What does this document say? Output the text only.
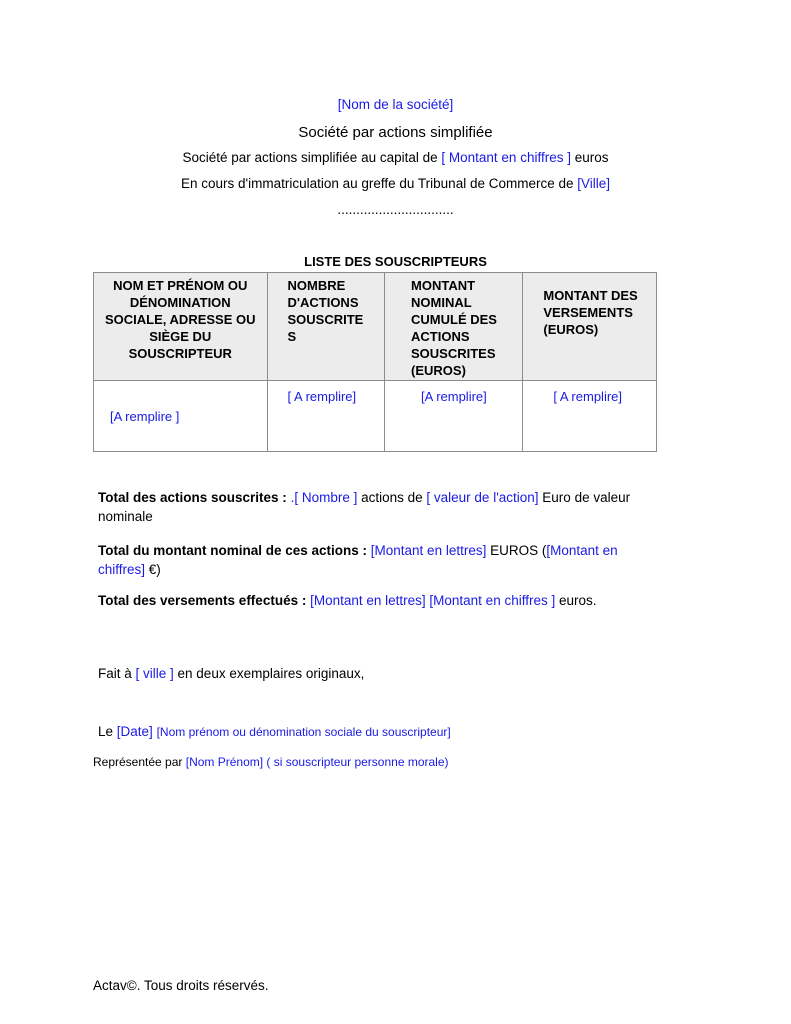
[Nom de la société]
Société par actions simplifiée
Société par actions simplifiée au capital de [ Montant en chiffres ] euros
En cours d'immatriculation au greffe du Tribunal de Commerce de [Ville]
...............................
LISTE DES SOUSCRIPTEURS
NOM ET PRÉNOM OU DÉNOMINATION SOCIALE, ADRESSE OU SIÈGE DU SOUSCRIPTEUR	NOMBRE D'ACTIONS SOUSCRITES	MONTANT NOMINAL CUMULÉ DES ACTIONS SOUSCRITES (EUROS)	MONTANT DES VERSEMENTS (EUROS)

[A remplire ]	[ A remplire]	[A remplire]	[ A remplire]
Total des actions souscrites : .[ Nombre ] actions de [ valeur de l'action] Euro de valeur nominale
Total du montant nominal de ces actions : [Montant en lettres] EUROS ([Montant en chiffres] €)
Total des versements effectués : [Montant en lettres] [Montant en chiffres ] euros.
Fait à [ ville ] en deux exemplaires originaux,
Le [Date] [Nom prénom ou dénomination sociale du souscripteur]
Représentée par [Nom Prénom] ( si souscripteur personne morale)
Actav©. Tous droits réservés.
